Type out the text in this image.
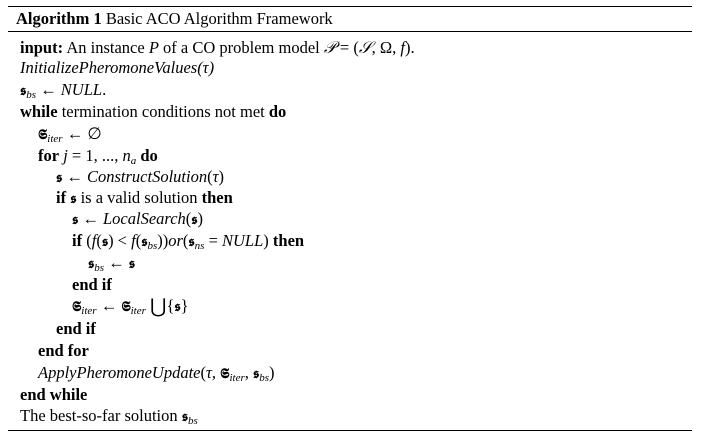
Algorithm 1 Basic ACO Algorithm Framework
input: An instance P of a CO problem model 𝒫 = (𝒮, Ω, f).
InitializePheromoneValues(τ)
𝖘$_{bs}$ ← NULL.
while termination conditions not met do
𝕾$_{iter}$ ← ∅
for j = 1, ..., $n_a$ do
𝖘 ← ConstructSolution(τ)
if 𝖘 is a valid solution then
𝖘 ← LocalSearch(𝖘)
if (f(𝖘) < f(𝖘$_{bs}$))or(𝖘$_{ns}$ = NULL) then
𝖘$_{bs}$ ← 𝖘
end if
𝕾$_{iter}$ ← 𝕾$_{iter}$ ⋃{𝖘}
end if
end for
ApplyPheromoneUpdate(τ, 𝕾$_{iter}$, 𝖘$_{bs}$)
end while
The best-so-far solution 𝖘$_{bs}$
